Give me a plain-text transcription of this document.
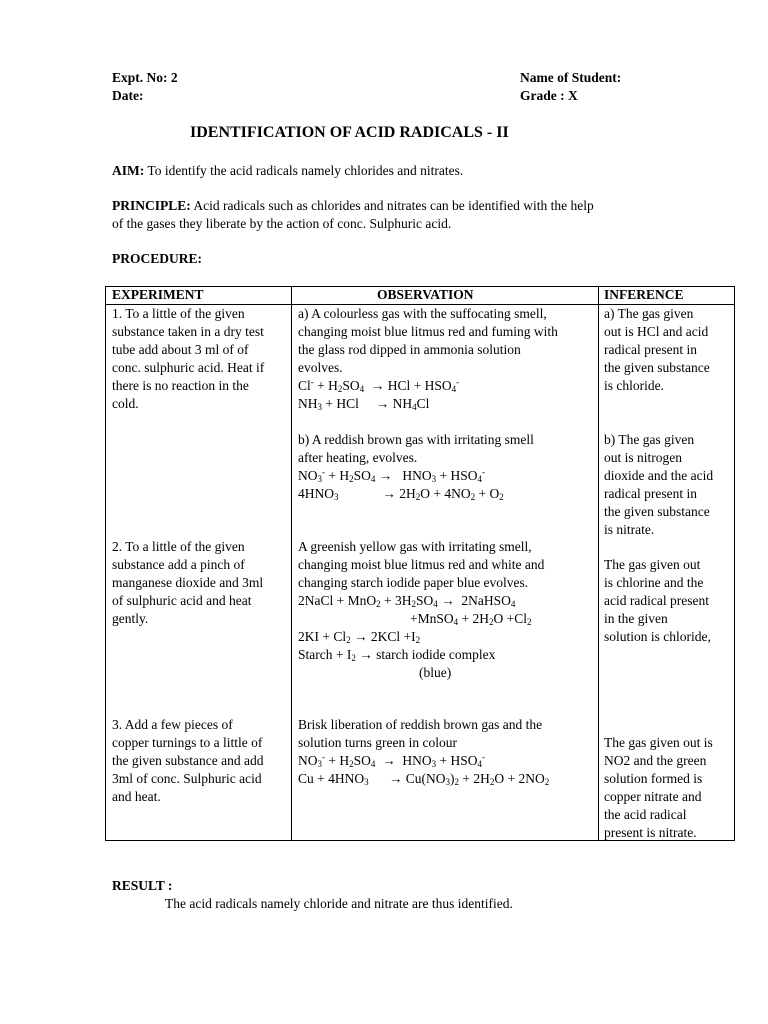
Expt. No: 2
Date:
Name of Student:
Grade : X
IDENTIFICATION OF ACID RADICALS - II
AIM: To identify the acid radicals namely chlorides and nitrates.
PRINCIPLE: Acid radicals such as chlorides and nitrates can be identified with the help
of the gases they liberate by the action of conc. Sulphuric acid.
PROCEDURE:
EXPERIMENT	OBSERVATION	INFERENCE
1. To a little of the given
substance taken in a dry test
tube add about 3 ml of of
conc. sulphuric acid. Heat if
there is no reaction in the
cold.
a) A colourless gas with the suffocating smell,
changing moist blue litmus red and fuming with
the glass rod dipped in ammonia solution
evolves.
$Cl^- + H_2SO_4$  → HCl + $HSO_4^-$
$NH_3$ + HCl     → $NH_4Cl$
a) The gas given
out is HCl and acid
radical present in
the given substance
is chloride.
b) A reddish brown gas with irritating smell
after heating, evolves.
$NO_3^- + H_2SO_4 \to HNO_3 + HSO_4^-$
$4HNO_3$             → $2H_2O + 4NO_2 + O_2$
b) The gas given
out is nitrogen
dioxide and the acid
radical present in
the given substance
is nitrate.
2. To a little of the given
substance add a pinch of
manganese dioxide and 3ml
of sulphuric acid and heat
gently.
A greenish yellow gas with irritating smell,
changing moist blue litmus red and white and
changing starch iodide paper blue evolves.
2NaCl + $MnO_2 + 3H_2SO_4$ →  2NaHSO$_4$
+MnSO$_4$ + $2H_2O +Cl_2$
$2KI + Cl_2 \to 2KCl +I_2$
Starch + $I_2$ → starch iodide complex
(blue)
The gas given out
is chlorine and the
acid radical present
in the given
solution is chloride,
3. Add a few pieces of
copper turnings to a little of
the given substance and add
3ml of conc. Sulphuric acid
and heat.
Brisk liberation of reddish brown gas and the
solution turns green in colour
$NO_3^- + H_2SO_4 \to HNO_3 + HSO_4^-$
$Cu + 4HNO_3$      → $Cu(NO_3)_2 + 2H_2O + 2NO_2$
The gas given out is
NO2 and the green
solution formed is
copper nitrate and
the acid radical
present is nitrate.
RESULT :
The acid radicals namely chloride and nitrate are thus identified.
